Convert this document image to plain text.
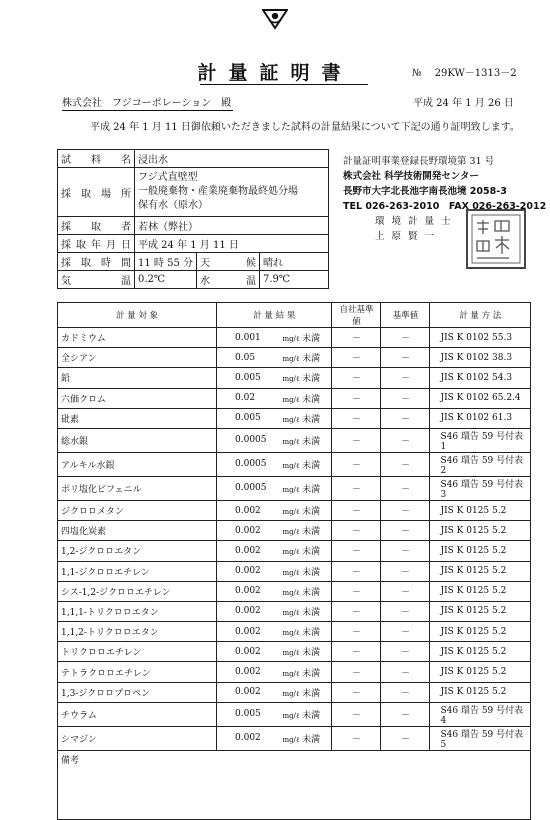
計量証明書	№ 29KW－1313－2
株式会社　フジコーポレーション　殿	平成 24 年 1 月 26 日
平成 24 年 1 月 11 日御依頼いただきました試料の計量結果について下記の通り証明致します。
試　料　名	浸出水		
採　取　場　所	フジ式直壁型
一般廃棄物・産業廃棄物最終処分場
保有水（原水）		

採　取　者	若林（弊社）		
採 取 年 月 日	平成 24 年 1 月 11 日		
採 取 時 間	11 時 55 分	天　候	晴れ
気　　温	0.2℃	水　温	7.9℃
計量証明事業登録長野環境第 31 号
株式会社 科学技術開発センター
長野市大字北長池字南長池境 2058-3
TEL 026-263-2010　FAX 026-263-2012
環 境 計 量 士
上 原 賢 一
計 量 対 象	計 量 結 果		自社基準値	基準値	計 量 方 法
カドミウム	0.001	mg/ℓ 未満	－	－	JIS K 0102 55.3
全シアン	0.05	mg/ℓ 未満	－	－	JIS K 0102 38.3
鉛	0.005	mg/ℓ 未満	－	－	JIS K 0102 54.3
六価クロム	0.02	mg/ℓ 未満	－	－	JIS K 0102 65.2.4
砒素	0.005	mg/ℓ 未満	－	－	JIS K 0102 61.3
総水銀	0.0005	mg/ℓ 未満	－	－	S46 環告 59 号付表 1
アルキル水銀	0.0005	mg/ℓ 未満	－	－	S46 環告 59 号付表 2
ポリ塩化ビフェニル	0.0005	mg/ℓ 未満	－	－	S46 環告 59 号付表 3
ジクロロメタン	0.002	mg/ℓ 未満	－	－	JIS K 0125 5.2
四塩化炭素	0.002	mg/ℓ 未満	－	－	JIS K 0125 5.2
1,2-ジクロロエタン	0.002	mg/ℓ 未満	－	－	JIS K 0125 5.2
1,1-ジクロロエチレン	0.002	mg/ℓ 未満	－	－	JIS K 0125 5.2
シス-1,2-ジクロロエチレン	0.002	mg/ℓ 未満	－	－	JIS K 0125 5.2
1,1,1-トリクロロエタン	0.002	mg/ℓ 未満	－	－	JIS K 0125 5.2
1,1,2-トリクロロエタン	0.002	mg/ℓ 未満	－	－	JIS K 0125 5.2
トリクロロエチレン	0.002	mg/ℓ 未満	－	－	JIS K 0125 5.2
テトラクロロエチレン	0.002	mg/ℓ 未満	－	－	JIS K 0125 5.2
1,3-ジクロロプロペン	0.002	mg/ℓ 未満	－	－	JIS K 0125 5.2
チウラム	0.005	mg/ℓ 未満	－	－	S46 環告 59 号付表 4
シマジン	0.002	mg/ℓ 未満	－	－	S46 環告 59 号付表 5
備考					
